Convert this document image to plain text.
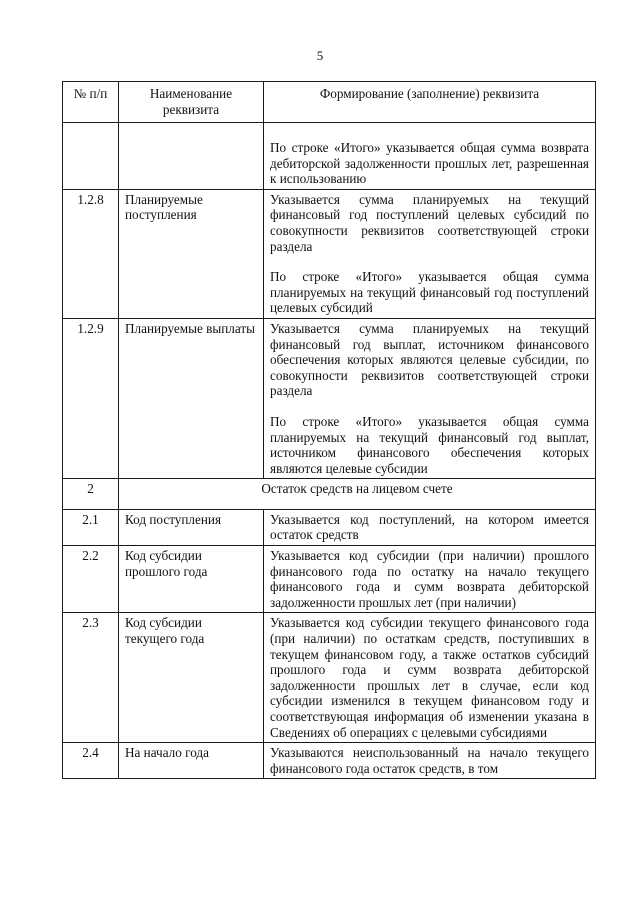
5
№ п/п	Наименование реквизита	Формирование (заполнение) реквизита

		По строке «Итого» указывается общая сумма возврата дебиторской задолженности прошлых лет, разрешенная к использованию

1.2.8	Планируемые поступления	Указывается сумма планируемых на текущий финансовый год поступлений целевых субсидий по совокупности реквизитов соответствующей строки раздела
По строке «Итого» указывается общая сумма планируемых на текущий финансовый год поступлений целевых субсидий

1.2.9	Планируемые выплаты	Указывается сумма планируемых на текущий финансовый год выплат, источником финансового обеспечения которых являются целевые субсидии, по совокупности реквизитов соответствующей строки раздела
По строке «Итого» указывается общая сумма планируемых на текущий финансовый год выплат, источником финансового обеспечения которых являются целевые субсидии

2	Остаток средств на лицевом счете	
2.1	Код поступления	Указывается код поступлений, на котором имеется остаток средств

2.2	Код субсидии прошлого года	Указывается код субсидии (при наличии) прошлого финансового года по остатку на начало текущего финансового года и сумм возврата дебиторской задолженности прошлых лет (при наличии)

2.3	Код субсидии текущего года	Указывается код субсидии текущего финансового года (при наличии) по остаткам средств, поступивших в текущем финансовом году, а также остатков субсидий прошлого года и сумм возврата дебиторской задолженности прошлых лет в случае, если код субсидии изменился в текущем финансовом году и соответствующая информация об изменении указана в Сведениях об операциях с целевыми субсидиями

2.4	На начало года	Указываются неиспользованный на начало текущего финансового года остаток средств, в том
